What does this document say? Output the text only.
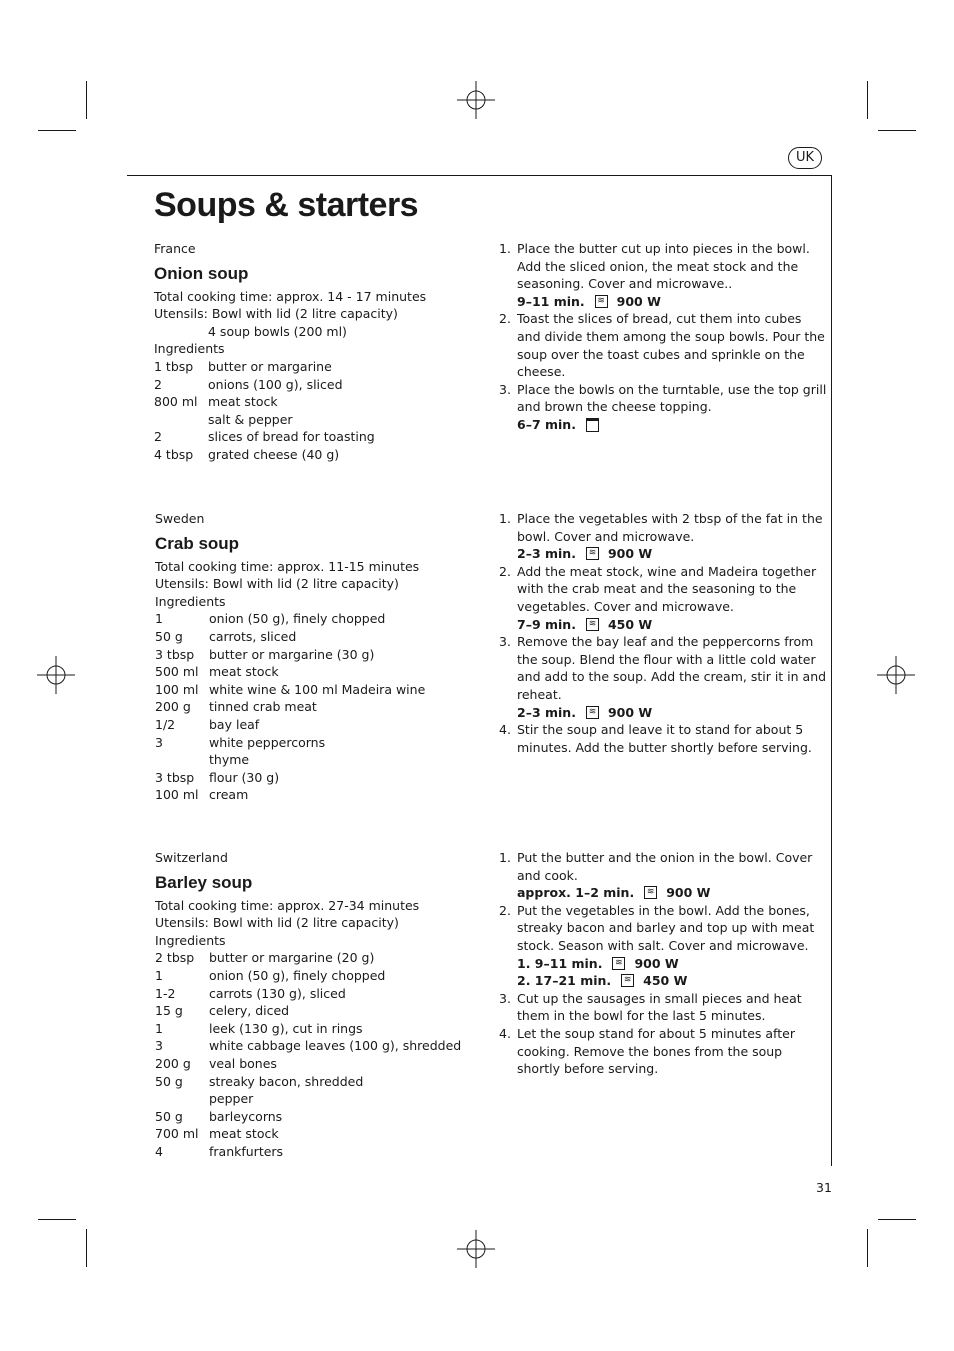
UK
Soups & starters
France
Onion soup
Total cooking time: approx. 14 - 17 minutes
Utensils: Bowl with lid (2 litre capacity)
4 soup bowls (200 ml)
Ingredients
1 tbsp	butter or margarine
2	onions (100 g), sliced
800 ml meat stock
salt & pepper
2	slices of bread for toasting
4 tbsp	grated cheese (40 g)
1. Place the butter cut up into pieces in the bowl. Add the sliced onion, the meat stock and the seasoning. Cover and microwave..
9–11 min.	≋ 900 W
2. Toast the slices of bread, cut them into cubes and divide them among the soup bowls. Pour the soup over the toast cubes and sprinkle on the cheese.
3. Place the bowls on the turntable, use the top grill and brown the cheese topping.
6–7 min.
Sweden
Crab soup
Total cooking time: approx. 11-15 minutes
Utensils: Bowl with lid (2 litre capacity)
Ingredients
1	onion (50 g), finely chopped
50 g	carrots, sliced
3 tbsp	butter or margarine (30 g)
500 ml meat stock
100 ml white wine & 100 ml Madeira wine
200 g	tinned crab meat
1/2	bay leaf
3	white peppercorns
thyme
3 tbsp	flour (30 g)
100 ml cream
1. Place the vegetables with 2 tbsp of the fat in the bowl. Cover and microwave.
2–3 min.	≋ 900 W
2. Add the meat stock, wine and Madeira together with the crab meat and the seasoning to the vegetables. Cover and microwave.
7–9 min.	≋ 450 W
3. Remove the bay leaf and the peppercorns from the soup. Blend the flour with a little cold water and add to the soup. Add the cream, stir it in and reheat.
2–3 min.	≋ 900 W
4. Stir the soup and leave it to stand for about 5 minutes. Add the butter shortly before serving.
Switzerland
Barley soup
Total cooking time: approx. 27-34 minutes
Utensils: Bowl with lid (2 litre capacity)
Ingredients
2 tbsp	butter or margarine (20 g)
1	onion (50 g), finely chopped
1-2	carrots (130 g), sliced
15 g	celery, diced
1	leek (130 g), cut in rings
3	white cabbage leaves (100 g), shredded
200 g	veal bones
50 g	streaky bacon, shredded
pepper
50 g	barleycorns
700 ml meat stock
4	frankfurters
1. Put the butter and the onion in the bowl. Cover and cook.
approx. 1–2 min.	≋ 900 W
2. Put the vegetables in the bowl. Add the bones, streaky bacon and barley and top up with meat stock. Season with salt. Cover and microwave.
1. 9–11 min.	≋ 900 W
2. 17–21 min.	≋ 450 W
3. Cut up the sausages in small pieces and heat them in the bowl for the last 5 minutes.
4. Let the soup stand for about 5 minutes after cooking. Remove the bones from the soup shortly before serving.
31
